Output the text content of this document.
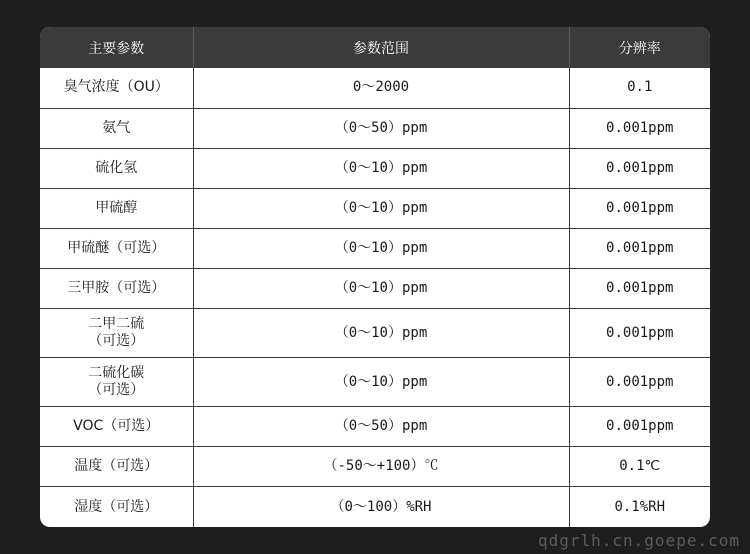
主要参数	参数范围	分辨率
臭气浓度（OU）	0～2000	0.1
氨气	（0～50）ppm	0.001ppm
硫化氢	（0～10）ppm	0.001ppm
甲硫醇	（0～10）ppm	0.001ppm
甲硫醚（可选）	（0～10）ppm	0.001ppm
三甲胺（可选）	（0～10）ppm	0.001ppm

二甲二硫
（可选）	（0～10）ppm	0.001ppm

二硫化碳
（可选）	（0～10）ppm	0.001ppm
VOC（可选）	（0～50）ppm	0.001ppm
温度（可选）	（-50～+100）℃	0.1℃
湿度（可选）	（0～100）%RH	0.1%RH
qdgrlh.cn.goepe.com
